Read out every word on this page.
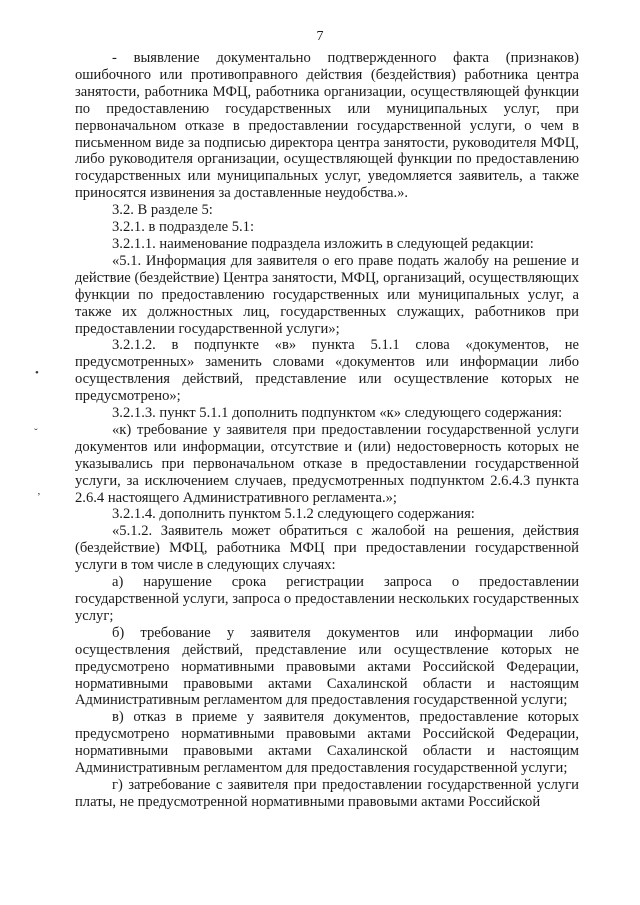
7

- выявление документально подтвержденного факта (признаков) ошибочного или противоправного действия (бездействия) работника центра занятости, работника МФЦ, работника организации, осуществляющей функции по предоставлению государственных или муниципальных услуг, при первоначальном отказе в предоставлении государственной услуги, о чем в письменном виде за подписью директора центра занятости, руководителя МФЦ, либо руководителя организации, осуществляющей функции по предоставлению государственных или муниципальных услуг, уведомляется заявитель, а также приносятся извинения за доставленные неудобства.».

3.2. В разделе 5:

3.2.1. в подразделе 5.1:

3.2.1.1. наименование подраздела изложить в следующей редакции:

«5.1. Информация для заявителя о его праве подать жалобу на решение и действие (бездействие) Центра занятости, МФЦ, организаций, осуществляющих функции по предоставлению государственных или муниципальных услуг, а также их должностных лиц, государственных служащих, работников при предоставлении государственной услуги»;

3.2.1.2. в подпункте «в» пункта 5.1.1 слова «документов, не предусмотренных» заменить словами «документов или информации либо осуществления действий, представление или осуществление которых не предусмотрено»;

3.2.1.3. пункт 5.1.1 дополнить подпунктом «к» следующего содержания:

«к) требование у заявителя при предоставлении государственной услуги документов или информации, отсутствие и (или) недостоверность которых не указывались при первоначальном отказе в предоставлении государственной услуги, за исключением случаев, предусмотренных подпунктом 2.6.4.3 пункта 2.6.4 настоящего Административного регламента.»;

3.2.1.4. дополнить пунктом 5.1.2 следующего содержания:

«5.1.2. Заявитель может обратиться с жалобой на решения, действия (бездействие) МФЦ, работника МФЦ при предоставлении государственной услуги в том числе в следующих случаях:

а) нарушение срока регистрации запроса о предоставлении государственной услуги, запроса о предоставлении нескольких государственных услуг;

б) требование у заявителя документов или информации либо осуществления действий, представление или осуществление которых не предусмотрено нормативными правовыми актами Российской Федерации, нормативными правовыми актами Сахалинской области и настоящим Административным регламентом для предоставления государственной услуги;

в) отказ в приеме у заявителя документов, предоставление которых предусмотрено нормативными правовыми актами Российской Федерации, нормативными правовыми актами Сахалинской области и настоящим Административным регламентом для предоставления государственной услуги;

г) затребование с заявителя при предоставлении государственной услуги платы, не предусмотренной нормативными правовыми актами Российской

•
ˇ
‚
